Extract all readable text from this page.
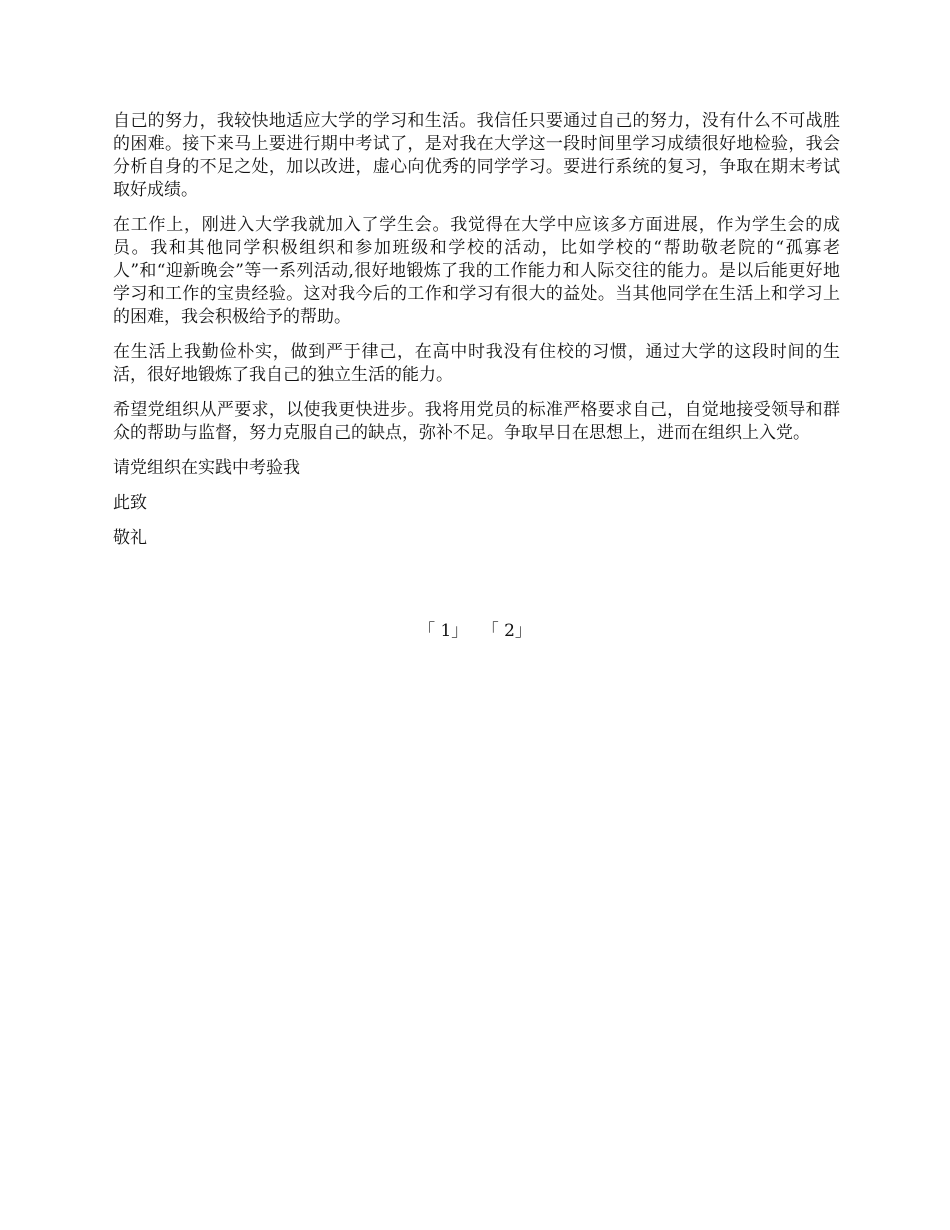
自己的努力，我较快地适应大学的学习和生活。我信任只要通过自己的努力，没有什么不可战胜的困难。接下来马上要进行期中考试了，是对我在大学这一段时间里学习成绩很好地检验，我会分析自身的不足之处，加以改进，虚心向优秀的同学学习。要进行系统的复习，争取在期末考试取好成绩。

在工作上，刚进入大学我就加入了学生会。我觉得在大学中应该多方面进展，作为学生会的成员。我和其他同学积极组织和参加班级和学校的活动，比如学校的“帮助敬老院的“孤寡老人”和“迎新晚会”等一系列活动,很好地锻炼了我的工作能力和人际交往的能力。是以后能更好地学习和工作的宝贵经验。这对我今后的工作和学习有很大的益处。当其他同学在生活上和学习上的困难，我会积极给予的帮助。

在生活上我勤俭朴实，做到严于律己，在高中时我没有住校的习惯，通过大学的这段时间的生活，很好地锻炼了我自己的独立生活的能力。

希望党组织从严要求，以使我更快进步。我将用党员的标准严格要求自己，自觉地接受领导和群众的帮助与监督，努力克服自己的缺点，弥补不足。争取早日在思想上，进而在组织上入党。

请党组织在实践中考验我

此致

敬礼

「 1」 「 2」
